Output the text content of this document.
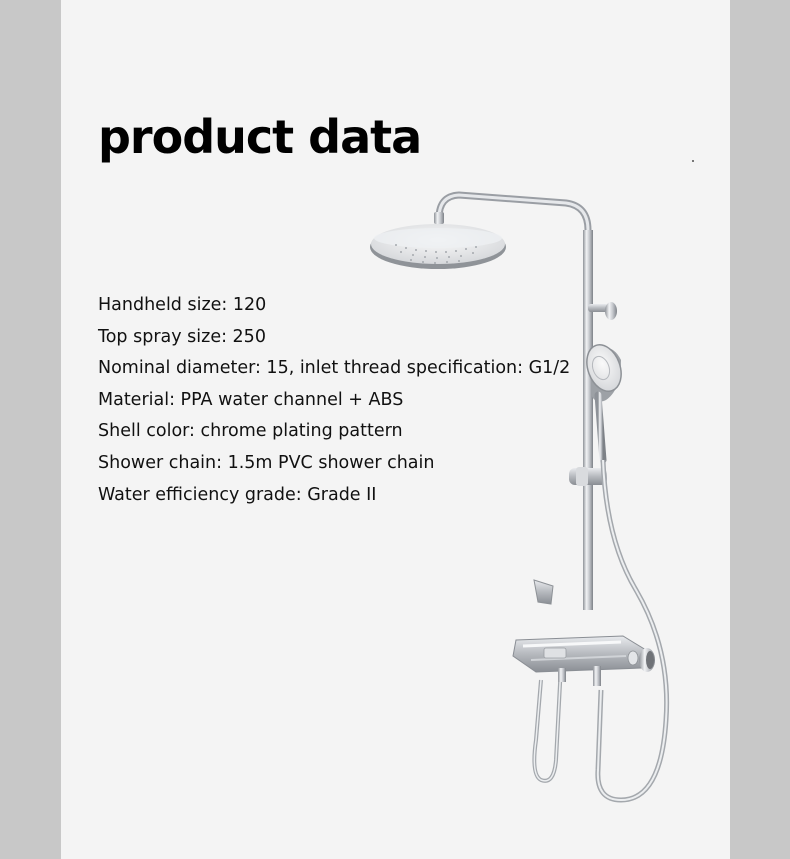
product data
Handheld size: 120
Top spray size: 250
Nominal diameter: 15, inlet thread specification: G1/2
Material: PPA water channel + ABS
Shell color: chrome plating pattern
Shower chain: 1.5m PVC shower chain
Water efficiency grade: Grade II
